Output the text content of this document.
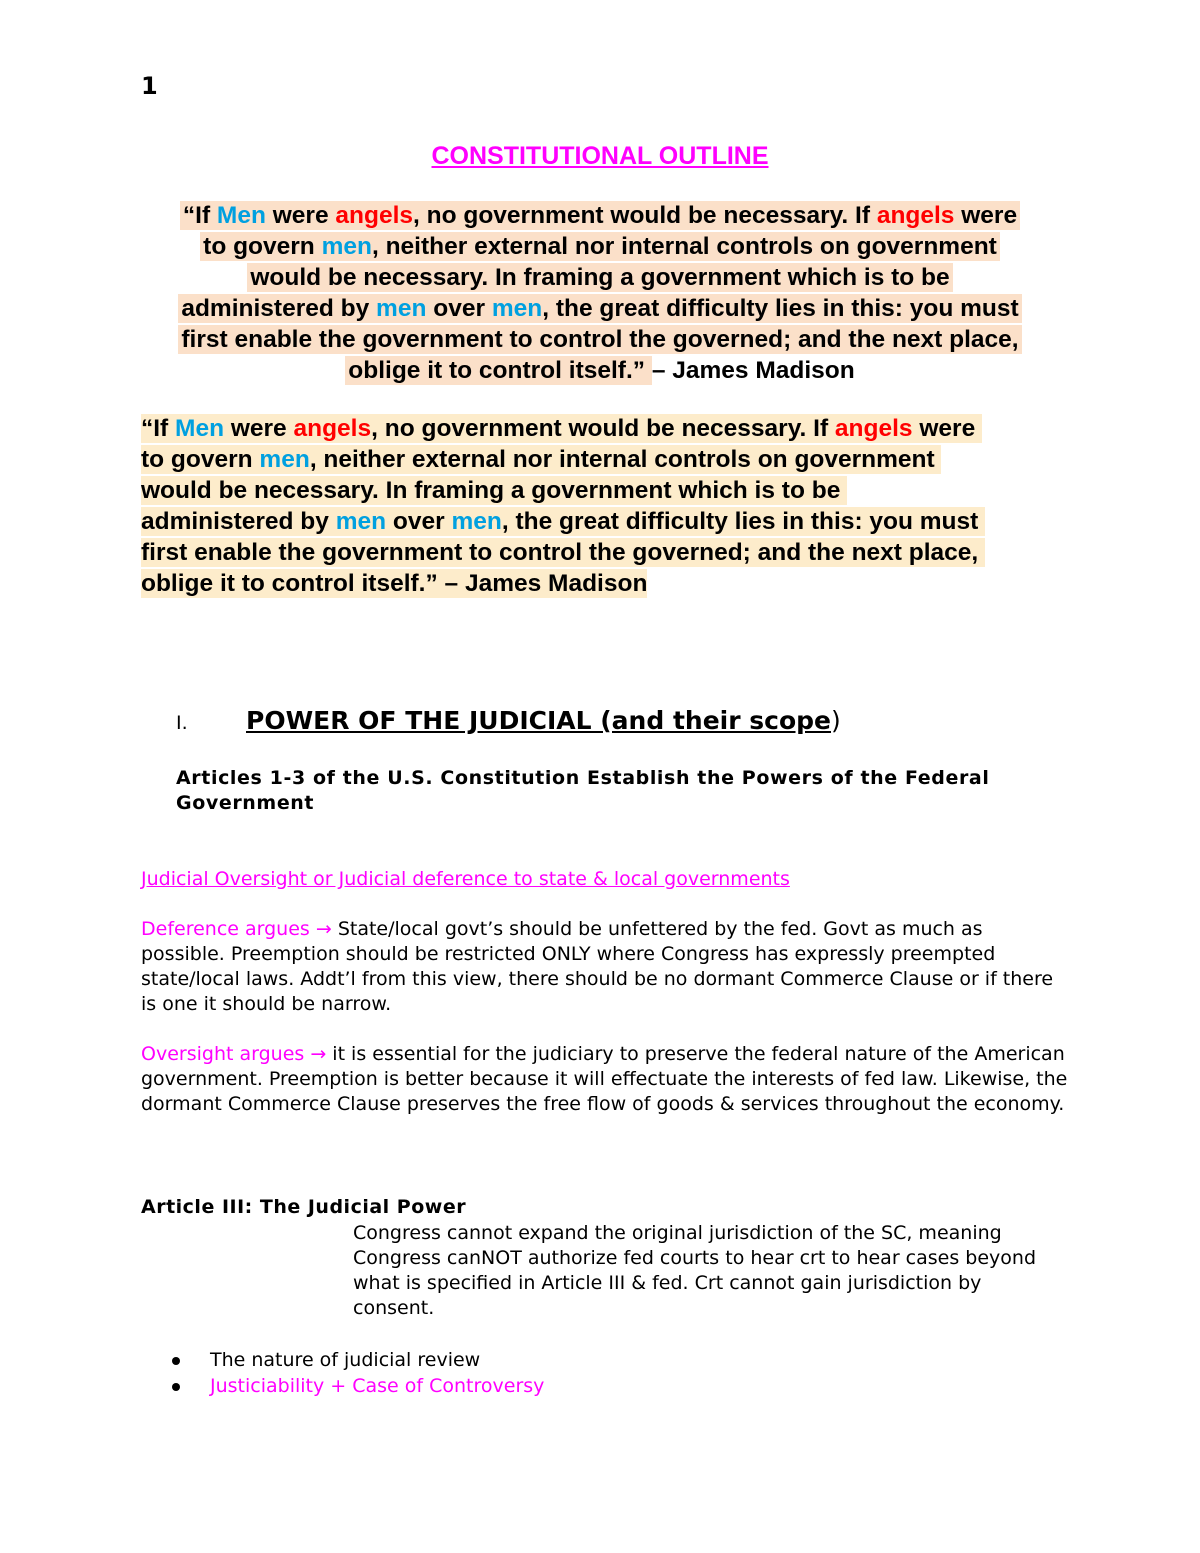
1
CONSTITUTIONAL OUTLINE
“If Men were angels, no government would be necessary. If angels were
to govern men, neither external nor internal controls on government
would be necessary. In framing a government which is to be
administered by men over men, the great difficulty lies in this: you must
first enable the government to control the governed; and the next place,
oblige it to control itself.” – James Madison
“If Men were angels, no government would be necessary. If angels were
to govern men, neither external nor internal controls on government
would be necessary. In framing a government which is to be
administered by men over men, the great difficulty lies in this: you must
first enable the government to control the governed; and the next place,
oblige it to control itself.” – James Madison
I. POWER OF THE JUDICIAL (and their scope)
Articles 1-3 of the U.S. Constitution Establish the Powers of the Federal Government
Judicial Oversight or Judicial deference to state & local governments
Deference argues → State/local govt’s should be unfettered by the fed. Govt as much as possible. Preemption should be restricted ONLY where Congress has expressly preempted state/local laws. Addt’l from this view, there should be no dormant Commerce Clause or if there is one it should be narrow.
Oversight argues → it is essential for the judiciary to preserve the federal nature of the American government. Preemption is better because it will effectuate the interests of fed law. Likewise, the dormant Commerce Clause preserves the free flow of goods & services throughout the economy.
Article III: The Judicial Power
Congress cannot expand the original jurisdiction of the SC, meaning Congress canNOT authorize fed courts to hear crt to hear cases beyond what is specified in Article III & fed. Crt cannot gain jurisdiction by consent.
The nature of judicial review
Justiciability + Case of Controversy
